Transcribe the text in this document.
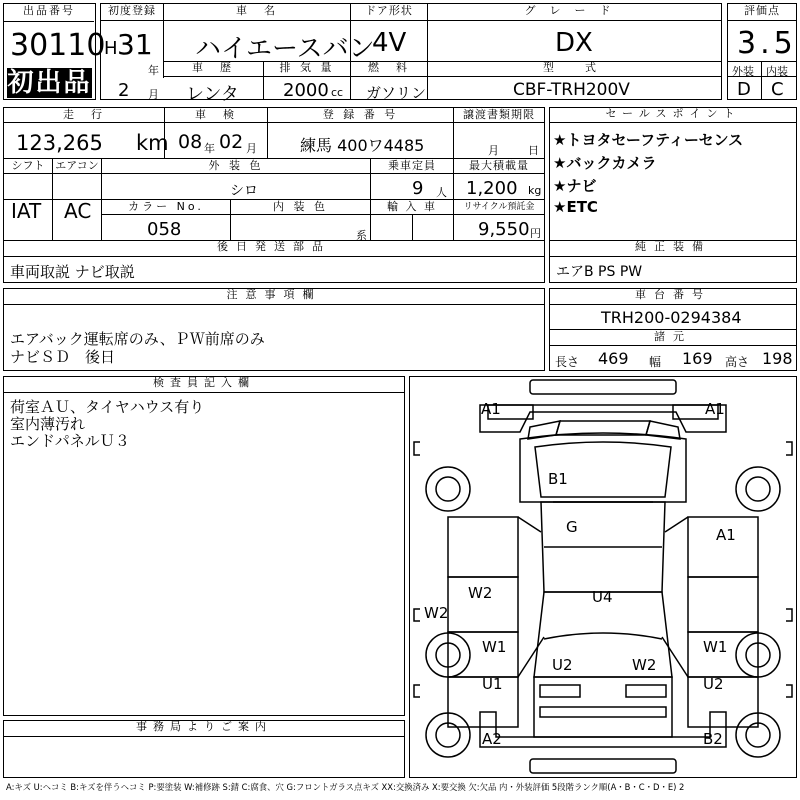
出品番号
30110
初出品
初度登録
H 31
年
車　名
ハイエースバン
ドア形状
4V
グレード
DX
2 月
車　歴
レンタ
排 気 量
2000 cc
燃　料
ガソリン
型　式
CBF-TRH200V
評価点
3.5
外装 内装
D C
走　行
123,265 km
車　検
08 年 02 月
登 録 番 号
練馬 400ワ4485
譲渡書類期限
月	日
シフト
IAT
エアコン
AC
外 装 色
シロ
乗車定員
9 人
最大積載量
1,200 kg
カラー No.
058
内 装 色
系
輸 入 車	リサイクル預託金
9,550 円
後日発送部品
車両取説 ナビ取説
セールスポイント
★トヨタセーフティーセンス
★バックカメラ
★ナビ
★ETC
純正装備
エアB PS PW
注意事項欄
エアバック運転席のみ、ＰＷ前席のみ
ナビＳＤ　後日
車台番号
TRH200-0294384
諸元
長さ 469 幅 169 高さ 198
検査員記入欄
荷室ＡＵ、タイヤハウス有り
室内薄汚れ
エンドパネルＵ３
事務局よりご案内
A1	A1
B1
G	A1
W2
W2	U4
W1	W1
U2	W2
U1	U2
A2	B2
A:キズ U:ヘコミ B:キズを伴うヘコミ P:要塗装 W:補修跡 S:錆 C:腐食、穴 G:フロントガラス点キズ XX:交換済み X:要交換 欠:欠品 内・外装評価 5段階ランク順(A・B・C・D・E) 2
